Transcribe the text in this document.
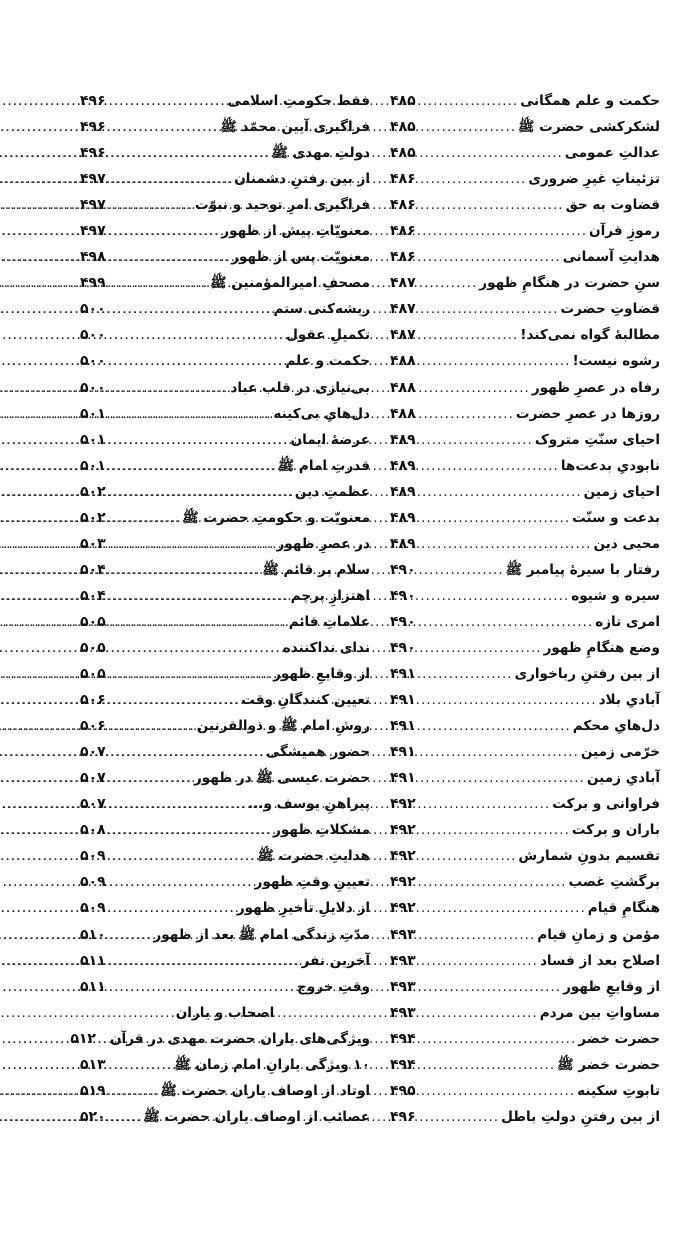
حکمت و علم همگانی
.....
۴۸۵
لشکرکشی حضرت ﷺ
.....
۴۸۵
عدالتِ عمومی
.....
۴۸۵
تزئیناتِ غیرِ ضروری
.....
۴۸۶
قضاوت به حق
.....
۴۸۶
رموزِ قرآن
.....
۴۸۶
هدایتِ آسمانی
.....
۴۸۶
سنِ حضرت در هنگامِ ظهور
.....
۴۸۷
قضاوتِ حضرت
.....
۴۸۷
مطالبهٔ گواه نمی‌کند!
.....
۴۸۷
رشوه نیست!
.....
۴۸۸
رفاه در عصرِ ظهور
.....
۴۸۸
روزها در عصرِ حضرت
.....
۴۸۸
احیای سنّتِ متروک
.....
۴۸۹
نابودیِ بدعت‌ها
.....
۴۸۹
احیای زمین
.....
۴۸۹
بدعت و سنّت
.....
۴۸۹
محیی دین
.....
۴۸۹
رفتار با سیرهٔ پیامبر ﷺ
.....
۴۹۰
سیره و شیوه
.....
۴۹۰
امری تازه
.....
۴۹۰
وضع هنگامِ ظهور
.....
۴۹۰
از بین رفتنِ رباخواری
.....
۴۹۱
آبادیِ بلاد
.....
۴۹۱
دل‌هایِ محکم
.....
۴۹۱
خرّمی زمین
.....
۴۹۱
آبادیِ زمین
.....
۴۹۱
فراوانی و برکت
.....
۴۹۲
باران و برکت
.....
۴۹۲
تقسیم بدونِ شمارش
.....
۴۹۲
برگشتِ غصب
.....
۴۹۲
هنگامِ قیام
.....
۴۹۲
مؤمن و زمانِ قیام
.....
۴۹۳
اصلاح بعد از فساد
.....
۴۹۳
از وقایعِ ظهور
.....
۴۹۳
مساواتِ بین مردم
.....
۴۹۳
حضرت خضر
.....
۴۹۴
حضرت خضر ﷺ
.....
۴۹۴
تابوتِ سکینه
.....
۴۹۵
از بین رفتنِ دولتِ باطل
.....
۴۹۶
فقط حکومتِ اسلامی
.....
۴۹۶
فراگیری آیین محمّد ﷺ
.....
۴۹۶
دولتِ مهدی ﷺ
.....
۴۹۶
از بین رفتنِ دشمنان
.....
۴۹۷
فراگیری امرِ توحید و نبوّت
.....
۴۹۷
معنویّاتِ پیش از ظهور
.....
۴۹۷
معنویّت پس از ظهور
.....
۴۹۸
مصحفِ امیرالمؤمنین ﷺ
.....
۴۹۹
ریشه‌کنی ستم
.....
۵۰۰
تکمیلِ عقول
.....
۵۰۰
حکمت و علم
.....
۵۰۰
بی‌نیازی در قلب عباد
.....
۵۰۰
دل‌هایِ بی‌کینه
.....
۵۰۱
عرضهٔ ایمان
.....
۵۰۱
قدرتِ امام ﷺ
.....
۵۰۱
عظمتِ دین
.....
۵۰۲
معنویّت و حکومتِ حضرت ﷺ
.....
۵۰۲
در عصرِ ظهور
.....
۵۰۳
سلام بر قائم ﷺ
.....
۵۰۴
اهتزازِ پرچم
.....
۵۰۴
علاماتِ قائم
.....
۵۰۵
ندای نداکننده
.....
۵۰۵
از وقایعِ ظهور
.....
۵۰۵
تعیین کنندگانِ وقت
.....
۵۰۶
روشِ امام ﷺ و ذوالقرنین
.....
۵۰۶
حضور همیشگی
.....
۵۰۷
حضرت عیسی ﷺ در ظهور
.....
۵۰۷
پیراهنِ یوسف و...
.....
۵۰۷
مشکلاتِ ظهور
.....
۵۰۸
هدایتِ حضرت ﷺ
.....
۵۰۹
تعیینِ وقتِ ظهور
.....
۵۰۹
از دلایلِ تأخیرِ ظهور
.....
۵۰۹
مدّتِ زندگی امام ﷺ بعد از ظهور
.....
۵۱۰
آخرین نفر
.....
۵۱۱
وقتِ خروج
.....
۵۱۱
اصحاب و یاران
ویژگی‌های یاران حضرت مهدی در قرآن
.....
۵۱۲
۱۰ ویژگی یارانِ امام زمان ﷺ
.....
۵۱۳
اوتاد از اوصاف یاران حضرت ﷺ
.....
۵۱۹
عصائب از اوصاف یاران حضرت ﷺ
.....
۵۲۰
